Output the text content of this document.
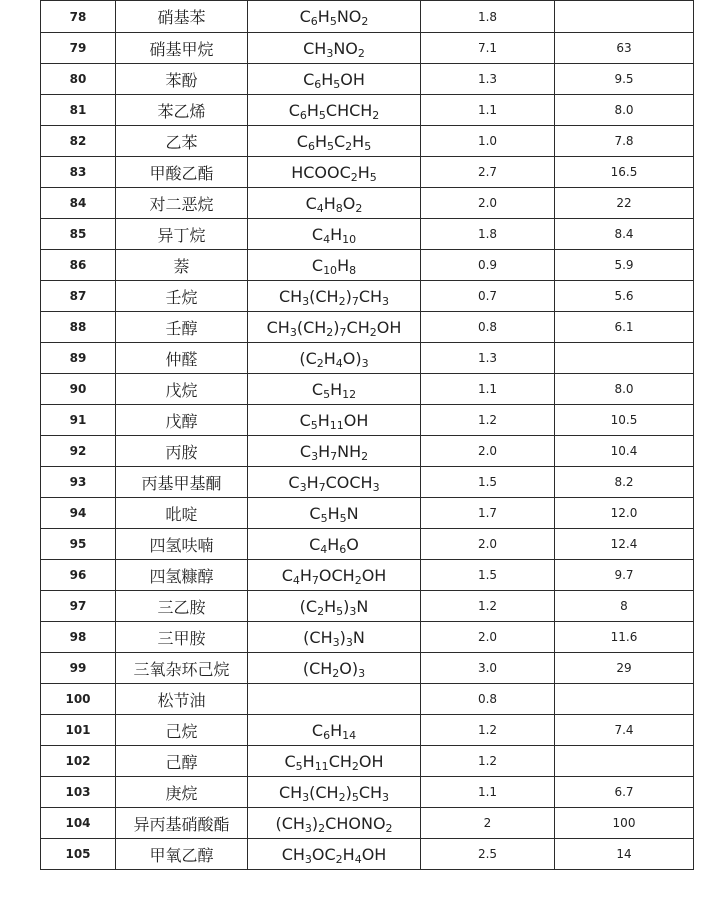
78	硝基苯	$C_6H_5NO_2$	1.8	
79	硝基甲烷	$CH_3NO_2$	7.1	63
80	苯酚	$C_6H_5OH$	1.3	9.5
81	苯乙烯	$C_6H_5CHCH_2$	1.1	8.0
82	乙苯	$C_6H_5C_2H_5$	1.0	7.8
83	甲酸乙酯	$HCOOC_2H_5$	2.7	16.5
84	对二恶烷	$C_4H_8O_2$	2.0	22
85	异丁烷	$C_4H_{10}$	1.8	8.4
86	萘	$C_{10}H_8$	0.9	5.9
87	壬烷	$CH_3(CH_2)_7CH_3$	0.7	5.6
88	壬醇	$CH_3(CH_2)_7CH_2OH$	0.8	6.1
89	仲醛	$(C_2H_4O)_3$	1.3	
90	戊烷	$C_5H_{12}$	1.1	8.0
91	戊醇	$C_5H_{11}OH$	1.2	10.5
92	丙胺	$C_3H_7NH_2$	2.0	10.4
93	丙基甲基酮	$C_3H_7COCH_3$	1.5	8.2
94	吡啶	$C_5H_5N$	1.7	12.0
95	四氢呋喃	$C_4H_6O$	2.0	12.4
96	四氢糠醇	$C_4H_7OCH_2OH$	1.5	9.7
97	三乙胺	$(C_2H_5)_3N$	1.2	8
98	三甲胺	$(CH_3)_3N$	2.0	11.6
99	三氧杂环己烷	$(CH_2O)_3$	3.0	29
100	松节油		0.8	
101	己烷	$C_6H_{14}$	1.2	7.4
102	己醇	$C_5H_{11}CH_2OH$	1.2	
103	庚烷	$CH_3(CH_2)_5CH_3$	1.1	6.7
104	异丙基硝酸酯	$(CH_3)_2CHONO_2$	2	100
105	甲氧乙醇	$CH_3OC_2H_4OH$	2.5	14
